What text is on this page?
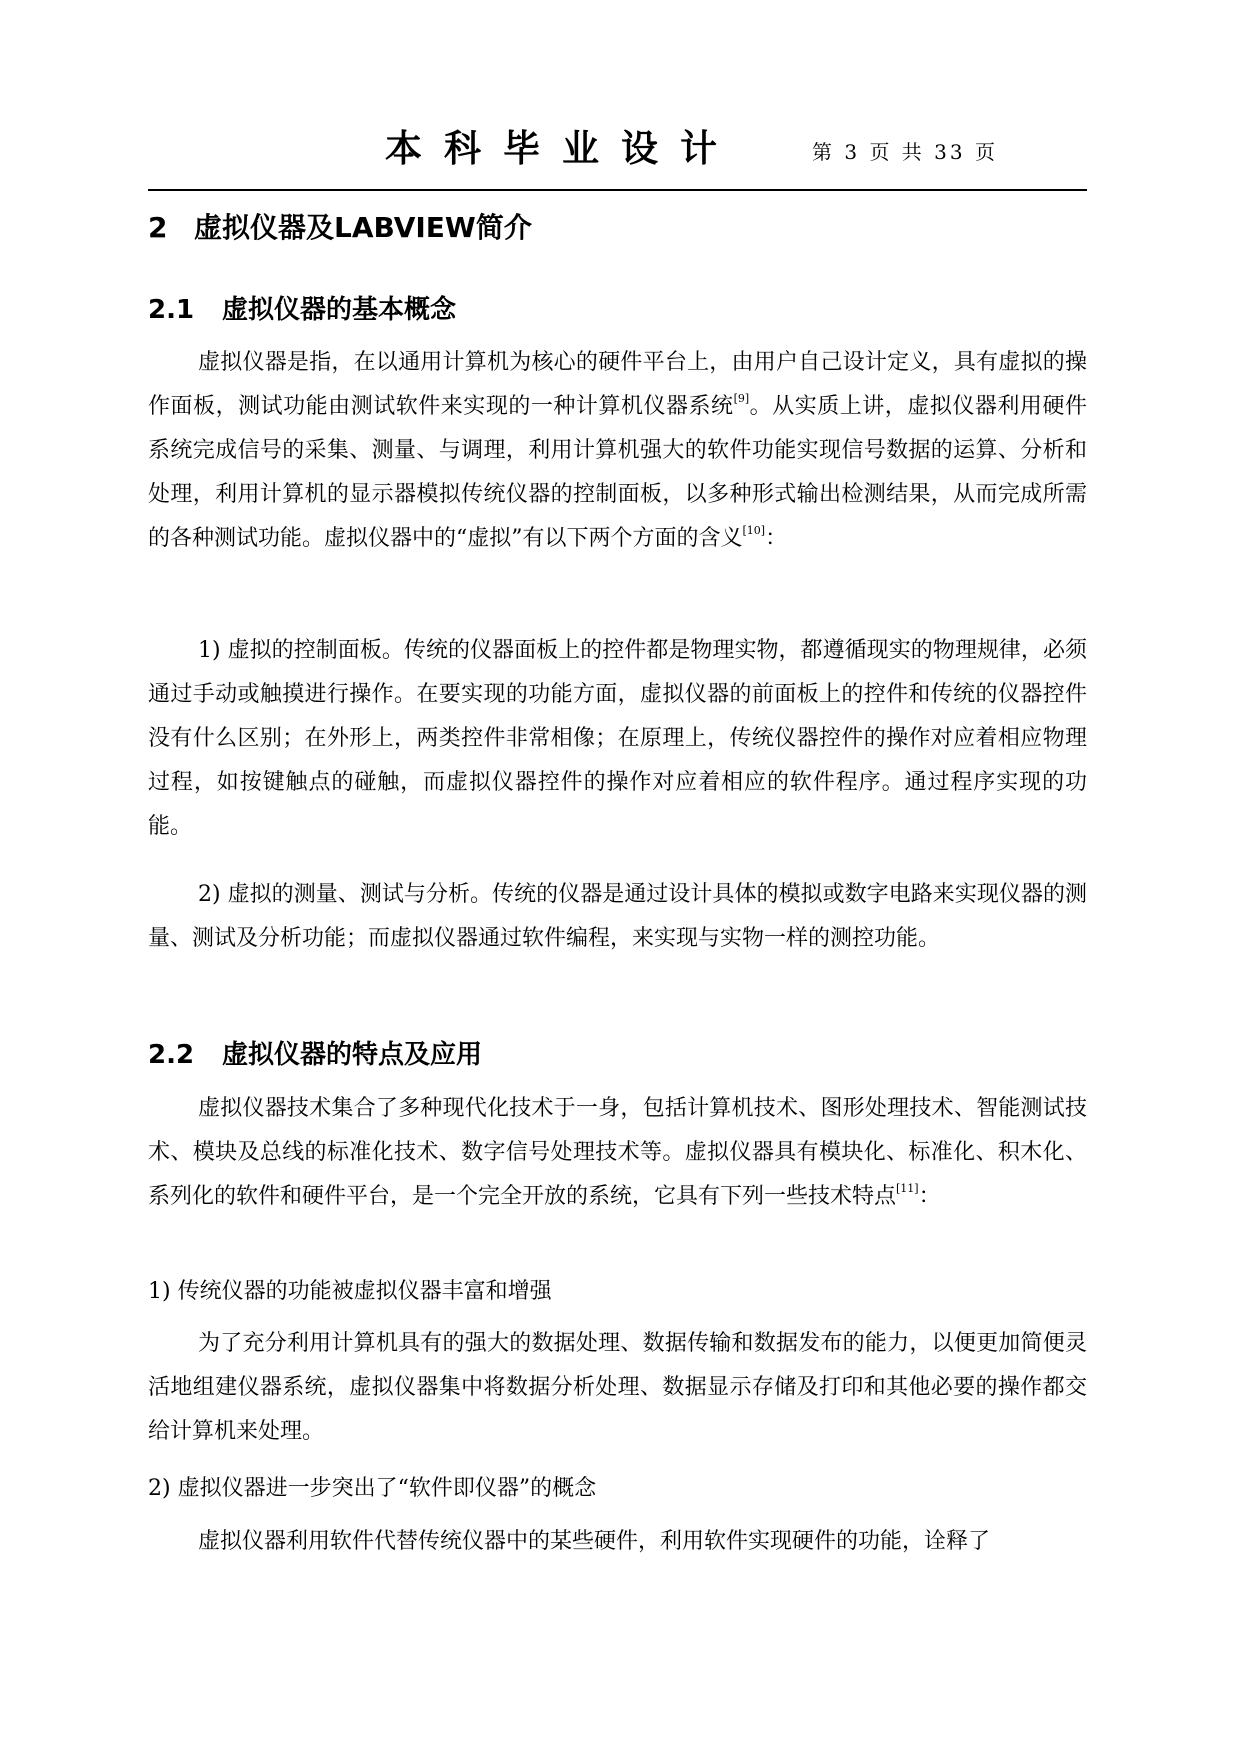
本科毕业设计	第 3 页 共 33 页
2 虚拟仪器及LABVIEW简介
2.1 虚拟仪器的基本概念

虚拟仪器是指，在以通用计算机为核心的硬件平台上，由用户自己设计定义，具有虚拟的操作面板，测试功能由测试软件来实现的一种计算机仪器系统[9]。从实质上讲，虚拟仪器利用硬件系统完成信号的采集、测量、与调理，利用计算机强大的软件功能实现信号数据的运算、分析和处理，利用计算机的显示器模拟传统仪器的控制面板，以多种形式输出检测结果，从而完成所需的各种测试功能。虚拟仪器中的“虚拟”有以下两个方面的含义[10]：

1) 虚拟的控制面板。传统的仪器面板上的控件都是物理实物，都遵循现实的物理规律，必须通过手动或触摸进行操作。在要实现的功能方面，虚拟仪器的前面板上的控件和传统的仪器控件没有什么区别；在外形上，两类控件非常相像；在原理上，传统仪器控件的操作对应着相应物理过程，如按键触点的碰触，而虚拟仪器控件的操作对应着相应的软件程序。通过程序实现的功能。

2) 虚拟的测量、测试与分析。传统的仪器是通过设计具体的模拟或数字电路来实现仪器的测量、测试及分析功能；而虚拟仪器通过软件编程，来实现与实物一样的测控功能。

2.2 虚拟仪器的特点及应用

虚拟仪器技术集合了多种现代化技术于一身，包括计算机技术、图形处理技术、智能测试技术、模块及总线的标准化技术、数字信号处理技术等。虚拟仪器具有模块化、标准化、积木化、系列化的软件和硬件平台，是一个完全开放的系统，它具有下列一些技术特点[11]：

1) 传统仪器的功能被虚拟仪器丰富和增强

为了充分利用计算机具有的强大的数据处理、数据传输和数据发布的能力，以便更加简便灵活地组建仪器系统，虚拟仪器集中将数据分析处理、数据显示存储及打印和其他必要的操作都交给计算机来处理。

2) 虚拟仪器进一步突出了“软件即仪器”的概念

虚拟仪器利用软件代替传统仪器中的某些硬件，利用软件实现硬件的功能，诠释了
